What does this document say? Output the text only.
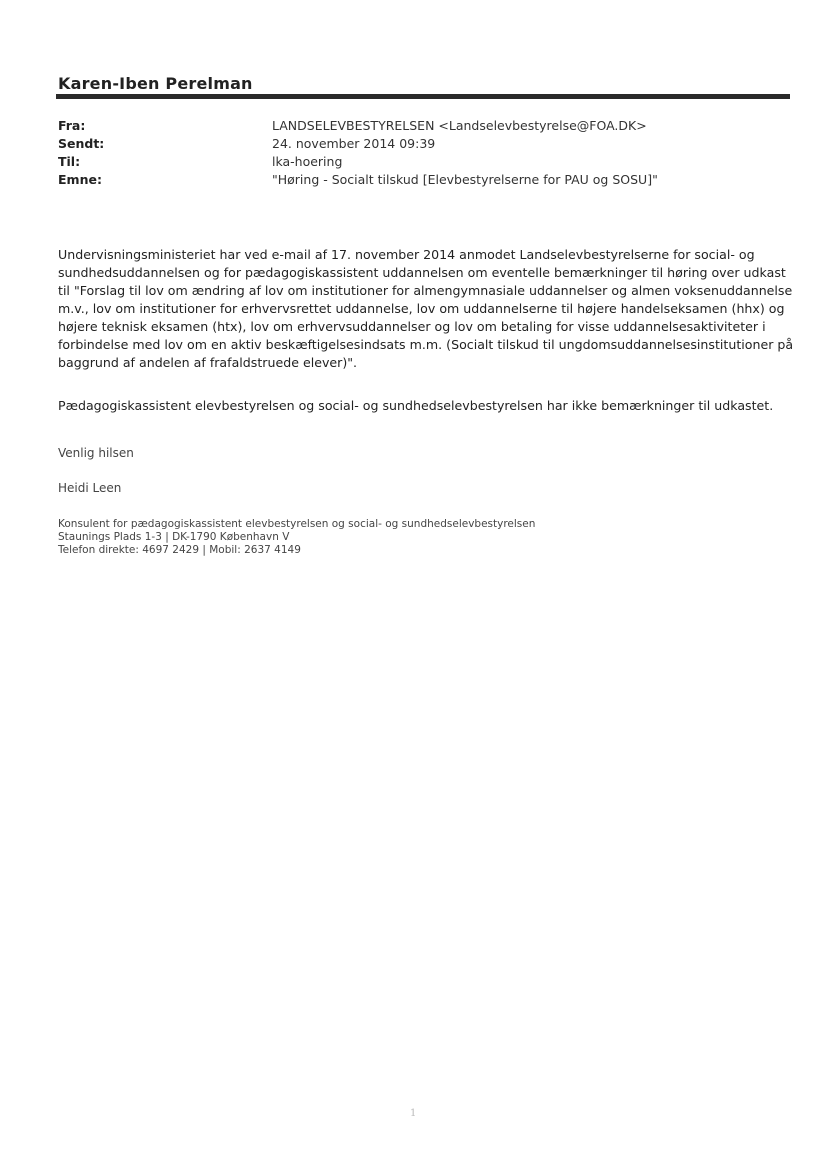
Karen-Iben Perelman
Fra:	LANDSELEVBESTYRELSEN <Landselevbestyrelse@FOA.DK>
Sendt:	24. november 2014 09:39
Til:	lka-hoering
Emne:	"Høring - Socialt tilskud [Elevbestyrelserne for PAU og SOSU]"

Undervisningsministeriet har ved e-mail af 17. november 2014 anmodet Landselevbestyrelserne for social- og
sundhedsuddannelsen og for pædagogiskassistent uddannelsen om eventelle bemærkninger til høring over udkast
til "Forslag til lov om ændring af lov om institutioner for almengymnasiale uddannelser og almen voksenuddannelse
m.v., lov om institutioner for erhvervsrettet uddannelse, lov om uddannelserne til højere handelseksamen (hhx) og
højere teknisk eksamen (htx), lov om erhvervsuddannelser og lov om betaling for visse uddannelsesaktiviteter i
forbindelse med lov om en aktiv beskæftigelsesindsats m.m. (Socialt tilskud til ungdomsuddannelsesinstitutioner på
baggrund af andelen af frafaldstruede elever)".

Pædagogiskassistent elevbestyrelsen og social- og sundhedselevbestyrelsen har ikke bemærkninger til udkastet.
Venlig hilsen
Heidi Leen
Konsulent for pædagogiskassistent elevbestyrelsen og social- og sundhedselevbestyrelsen
Staunings Plads 1-3 | DK-1790 København V
Telefon direkte: 4697 2429 | Mobil: 2637 4149
1
